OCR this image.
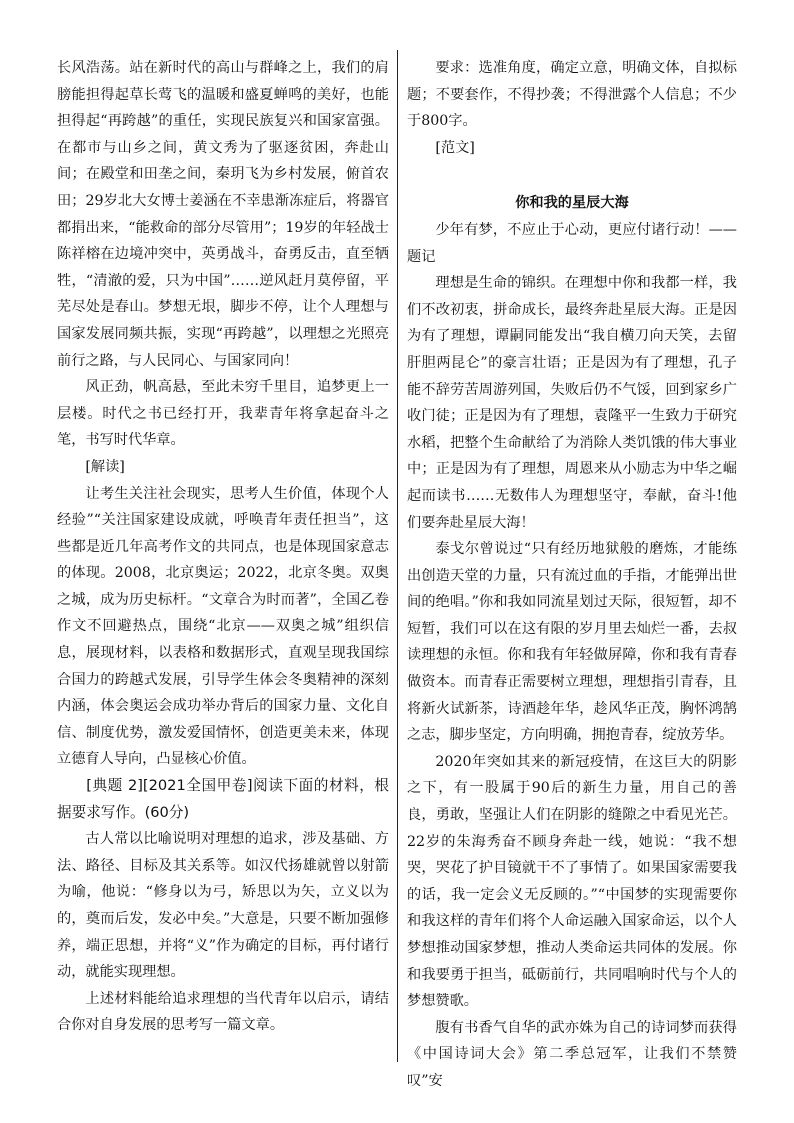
长风浩荡。站在新时代的高山与群峰之上，我们的肩膀能担得起草长莺飞的温暖和盛夏蝉鸣的美好，也能担得起“再跨越”的重任，实现民族复兴和国家富强。在都市与山乡之间，黄文秀为了驱逐贫困，奔赴山间；在殿堂和田垄之间，秦玥飞为乡村发展，俯首农田；29岁北大女博士姜涵在不幸患渐冻症后，将器官都捐出来，“能救命的部分尽管用”；19岁的年轻战士陈祥榕在边境冲突中，英勇战斗，奋勇反击，直至牺牲，“清澈的爱，只为中国”……逆风赶月莫停留，平芜尽处是春山。梦想无垠，脚步不停，让个人理想与国家发展同频共振，实现“再跨越”，以理想之光照亮前行之路，与人民同心、与国家同向！

风正劲，帆高悬，至此未穷千里目，追梦更上一层楼。时代之书已经打开，我辈青年将拿起奋斗之笔，书写时代华章。

[解读]

让考生关注社会现实，思考人生价值，体现个人经验”“关注国家建设成就，呼唤青年责任担当”，这些都是近几年高考作文的共同点，也是体现国家意志的体现。2008，北京奥运；2022，北京冬奥。双奥之城，成为历史标杆。“文章合为时而著”，全国乙卷作文不回避热点，围绕“北京——双奥之城”组织信息，展现材料，以表格和数据形式，直观呈现我国综合国力的跨越式发展，引导学生体会冬奥精神的深刻内涵，体会奥运会成功举办背后的国家力量、文化自信、制度优势，激发爱国情怀，创造更美未来，体现立德育人导向，凸显核心价值。

[典题 2][2021全国甲卷]阅读下面的材料，根据要求写作。(60分)

古人常以比喻说明对理想的追求，涉及基础、方法、路径、目标及其关系等。如汉代扬雄就曾以射箭为喻，他说：“修身以为弓，矫思以为矢，立义以为的，奠而后发，发必中矣。”大意是，只要不断加强修养，端正思想，并将“义”作为确定的目标，再付诸行动，就能实现理想。

上述材料能给追求理想的当代青年以启示，请结合你对自身发展的思考写一篇文章。

要求：选准角度，确定立意，明确文体，自拟标题；不要套作，不得抄袭；不得泄露个人信息；不少于800字。

[范文]

你和我的星辰大海

少年有梦，不应止于心动，更应付诸行动！——题记

理想是生命的锦织。在理想中你和我都一样，我们不改初衷，拼命成长，最终奔赴星辰大海。正是因为有了理想，谭嗣同能发出“我自横刀向天笑，去留肝胆两昆仑”的豪言壮语；正是因为有了理想，孔子能不辞劳苦周游列国，失败后仍不气馁，回到家乡广收门徒；正是因为有了理想，袁隆平一生致力于研究水稻，把整个生命献给了为消除人类饥饿的伟大事业中；正是因为有了理想，周恩来从小励志为中华之崛起而读书……无数伟人为理想坚守，奉献，奋斗!他们要奔赴星辰大海！

泰戈尔曾说过“只有经历地狱般的磨炼，才能练出创造天堂的力量，只有流过血的手指，才能弹出世间的绝唱。”你和我如同流星划过天际，很短暂，却不短暂，我们可以在这有限的岁月里去灿烂一番，去叔读理想的永恒。你和我有年轻做屏障，你和我有青春做资本。而青春正需要树立理想，理想指引青春，且将新火试新茶，诗酒趁年华，趁风华正茂，胸怀鸿鹄之志，脚步坚定，方向明确，拥抱青春，绽放芳华。

2020年突如其来的新冠疫情，在这巨大的阴影之下，有一股属于90后的新生力量，用自己的善良，勇敢，坚强让人们在阴影的缝隙之中看见光芒。22岁的朱海秀奋不顾身奔赴一线，她说：“我不想哭，哭花了护目镜就干不了事情了。如果国家需要我的话，我一定会义无反顾的。”“中国梦的实现需要你和我这样的青年们将个人命运融入国家命运，以个人梦想推动国家梦想，推动人类命运共同体的发展。你和我要勇于担当，砥砺前行，共同唱响时代与个人的梦想赞歌。

腹有书香气自华的武亦姝为自己的诗词梦而获得《中国诗词大会》第二季总冠军，让我们不禁赞叹”安
